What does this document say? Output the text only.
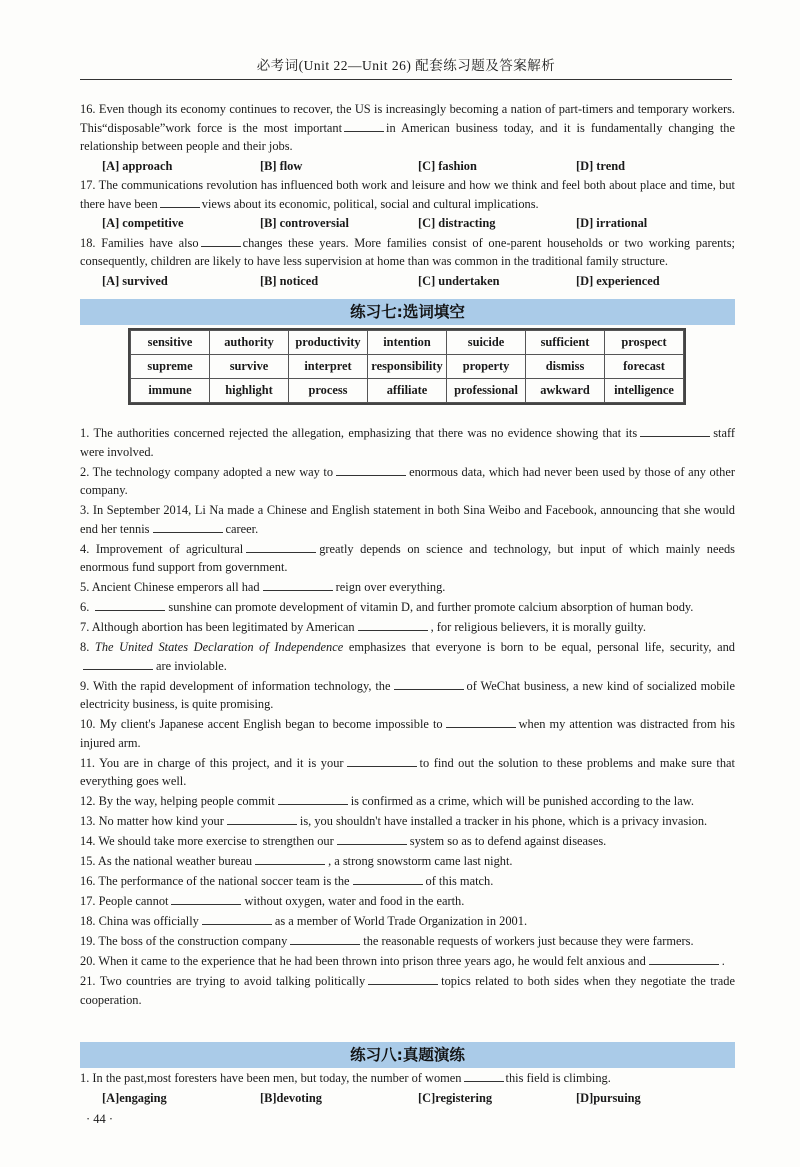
必考词(Unit 22—Unit 26) 配套练习题及答案解析
16. Even though its economy continues to recover, the US is increasingly becoming a nation of part-timers and temporary workers. This“disposable”work force is the most important	in American business today, and it is fundamentally changing the relationship between people and their jobs.
[A] approach	[B] flow	[C] fashion	[D] trend
17. The communications revolution has influenced both work and leisure and how we think and feel both about place and time, but there have been	views about its economic, political, social and cultural implications.
[A] competitive	[B] controversial	[C] distracting	[D] irrational
18. Families have also	changes these years. More families consist of one-parent households or two working parents; consequently, children are likely to have less supervision at home than was common in the traditional family structure.
[A] survived	[B] noticed	[C] undertaken	[D] experienced
练习七:选词填空
sensitive	authority	productivity	intention	suicide	sufficient	prospect
supreme	survive	interpret	responsibility	property	dismiss	forecast
immune	highlight	process	affiliate	professional	awkward	intelligence
1. The authorities concerned rejected the allegation, emphasizing that there was no evidence showing that its	staff were involved.
2. The technology company adopted a new way to	enormous data, which had never been used by those of any other company.
3. In September 2014, Li Na made a Chinese and English statement in both Sina Weibo and Facebook, announcing that she would end her tennis	career.
4. Improvement of agricultural	greatly depends on science and technology, but input of which mainly needs enormous fund support from government.
5. Ancient Chinese emperors all had	reign over everything.
6.	sunshine can promote development of vitamin D, and further promote calcium absorption of human body.
7. Although abortion has been legitimated by American	, for religious believers, it is morally guilty.
8. The United States Declaration of Independence emphasizes that everyone is born to be equal, personal life, security, andare inviolable.
9. With the rapid development of information technology, the	of WeChat business, a new kind of socialized mobile electricity business, is quite promising.
10. My client's Japanese accent English began to become impossible to	when my attention was distracted from his injured arm.
11. You are in charge of this project, and it is your	to find out the solution to these problems and make sure that everything goes well.
12. By the way, helping people commit	is confirmed as a crime, which will be punished according to the law.
13. No matter how kind your	is, you shouldn't have installed a tracker in his phone, which is a privacy invasion.
14. We should take more exercise to strengthen our	system so as to defend against diseases.
15. As the national weather bureau	, a strong snowstorm came last night.
16. The performance of the national soccer team is the	of this match.
17. People cannot	without oxygen, water and food in the earth.
18. China was officially	as a member of World Trade Organization in 2001.
19. The boss of the construction company	the reasonable requests of workers just because they were farmers.
20. When it came to the experience that he had been thrown into prison three years ago, he would felt anxious and	.
21. Two countries are trying to avoid talking politically	topics related to both sides when they negotiate the trade cooperation.
练习八:真题演练
1. In the past,most foresters have been men, but today, the number of women	this field is climbing.
[A]engaging	[B]devoting	[C]registering	[D]pursuing
· 44 ·
